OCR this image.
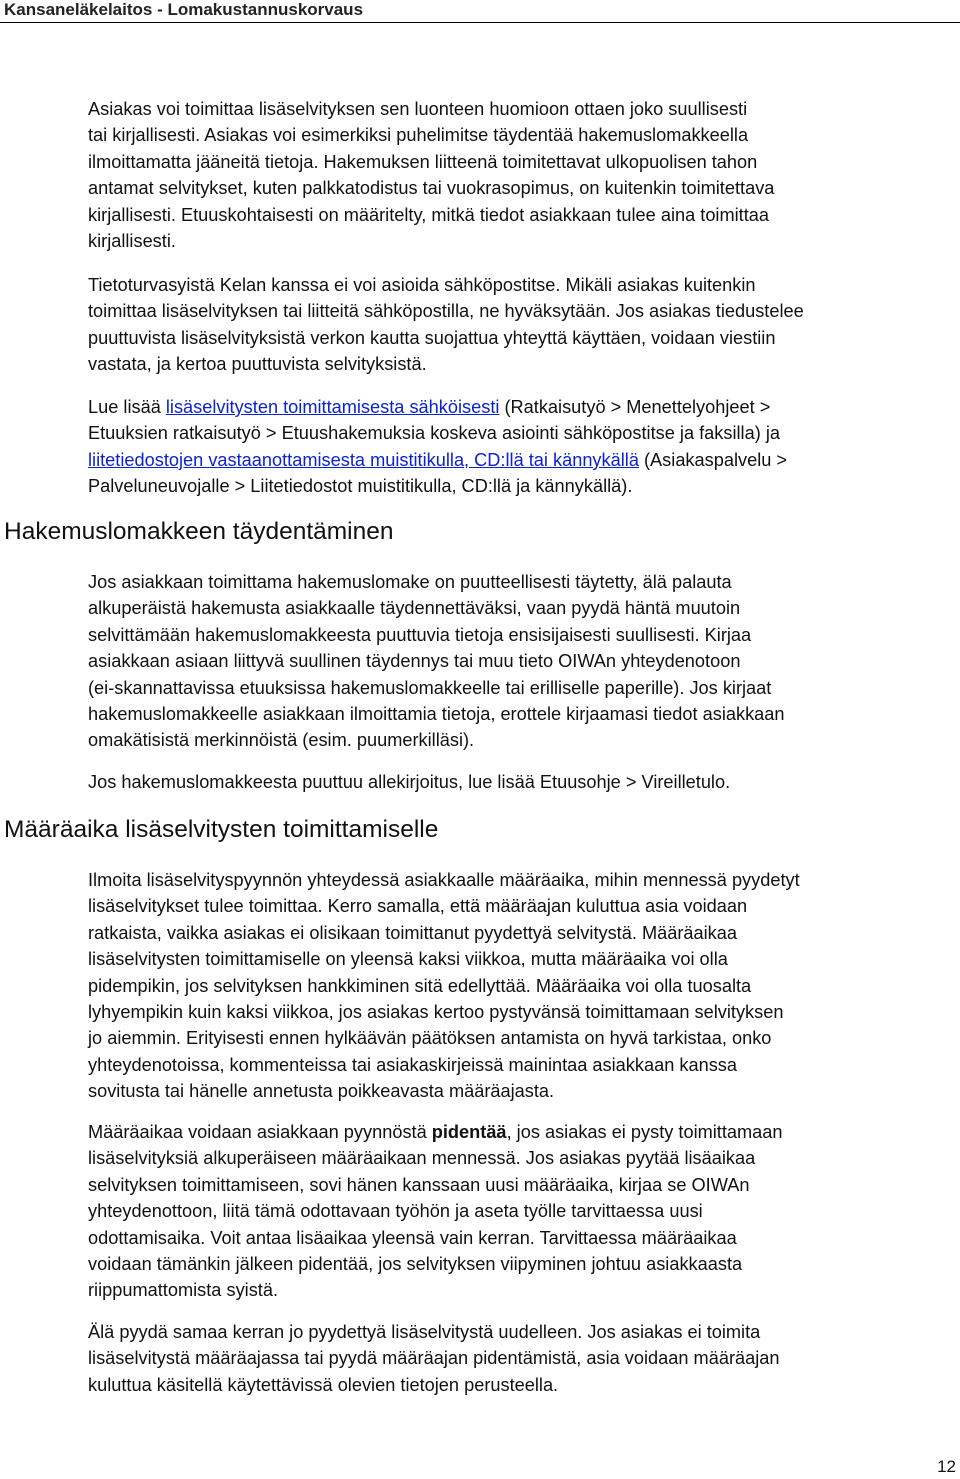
Kansaneläkelaitos - Lomakustannuskorvaus
Asiakas voi toimittaa lisäselvityksen sen luonteen huomioon ottaen joko suullisesti
tai kirjallisesti. Asiakas voi esimerkiksi puhelimitse täydentää hakemuslomakkeella
ilmoittamatta jääneitä tietoja. Hakemuksen liitteenä toimitettavat ulkopuolisen tahon
antamat selvitykset, kuten palkkatodistus tai vuokrasopimus, on kuitenkin toimitettava
kirjallisesti. Etuuskohtaisesti on määritelty, mitkä tiedot asiakkaan tulee aina toimittaa
kirjallisesti.
Tietoturvasyistä Kelan kanssa ei voi asioida sähköpostitse. Mikäli asiakas kuitenkin
toimittaa lisäselvityksen tai liitteitä sähköpostilla, ne hyväksytään. Jos asiakas tiedustelee
puuttuvista lisäselvityksistä verkon kautta suojattua yhteyttä käyttäen, voidaan viestiin
vastata, ja kertoa puuttuvista selvityksistä.
Lue lisää lisäselvitysten toimittamisesta sähköisesti (Ratkaisutyö > Menettelyohjeet >
Etuuksien ratkaisutyö > Etuushakemuksia koskeva asiointi sähköpostitse ja faksilla) ja
liitetiedostojen vastaanottamisesta muistitikulla, CD:llä tai kännykällä (Asiakaspalvelu >
Palveluneuvojalle > Liitetiedostot muistitikulla, CD:llä ja kännykällä).
Hakemuslomakkeen täydentäminen
Jos asiakkaan toimittama hakemuslomake on puutteellisesti täytetty, älä palauta
alkuperäistä hakemusta asiakkaalle täydennettäväksi, vaan pyydä häntä muutoin
selvittämään hakemuslomakkeesta puuttuvia tietoja ensisijaisesti suullisesti. Kirjaa
asiakkaan asiaan liittyvä suullinen täydennys tai muu tieto OIWAn yhteydenotoon
(ei-skannattavissa etuuksissa hakemuslomakkeelle tai erilliselle paperille). Jos kirjaat
hakemuslomakkeelle asiakkaan ilmoittamia tietoja, erottele kirjaamasi tiedot asiakkaan
omakätisistä merkinnöistä (esim. puumerkilläsi).
Jos hakemuslomakkeesta puuttuu allekirjoitus, lue lisää Etuusohje > Vireilletulo.
Määräaika lisäselvitysten toimittamiselle
Ilmoita lisäselvityspyynnön yhteydessä asiakkaalle määräaika, mihin mennessä pyydetyt
lisäselvitykset tulee toimittaa. Kerro samalla, että määräajan kuluttua asia voidaan
ratkaista, vaikka asiakas ei olisikaan toimittanut pyydettyä selvitystä. Määräaikaa
lisäselvitysten toimittamiselle on yleensä kaksi viikkoa, mutta määräaika voi olla
pidempikin, jos selvityksen hankkiminen sitä edellyttää. Määräaika voi olla tuosalta
lyhyempikin kuin kaksi viikkoa, jos asiakas kertoo pystyvänsä toimittamaan selvityksen
jo aiemmin. Erityisesti ennen hylkäävän päätöksen antamista on hyvä tarkistaa, onko
yhteydenotoissa, kommenteissa tai asiakaskirjeissä mainintaa asiakkaan kanssa
sovitusta tai hänelle annetusta poikkeavasta määräajasta.
Määräaikaa voidaan asiakkaan pyynnöstä pidentää, jos asiakas ei pysty toimittamaan
lisäselvityksiä alkuperäiseen määräaikaan mennessä. Jos asiakas pyytää lisäaikaa
selvityksen toimittamiseen, sovi hänen kanssaan uusi määräaika, kirjaa se OIWAn
yhteydenottoon, liitä tämä odottavaan työhön ja aseta työlle tarvittaessa uusi
odottamisaika. Voit antaa lisäaikaa yleensä vain kerran. Tarvittaessa määräaikaa
voidaan tämänkin jälkeen pidentää, jos selvityksen viipyminen johtuu asiakkaasta
riippumattomista syistä.
Älä pyydä samaa kerran jo pyydettyä lisäselvitystä uudelleen. Jos asiakas ei toimita
lisäselvitystä määräajassa tai pyydä määräajan pidentämistä, asia voidaan määräajan
kuluttua käsitellä käytettävissä olevien tietojen perusteella.
12
